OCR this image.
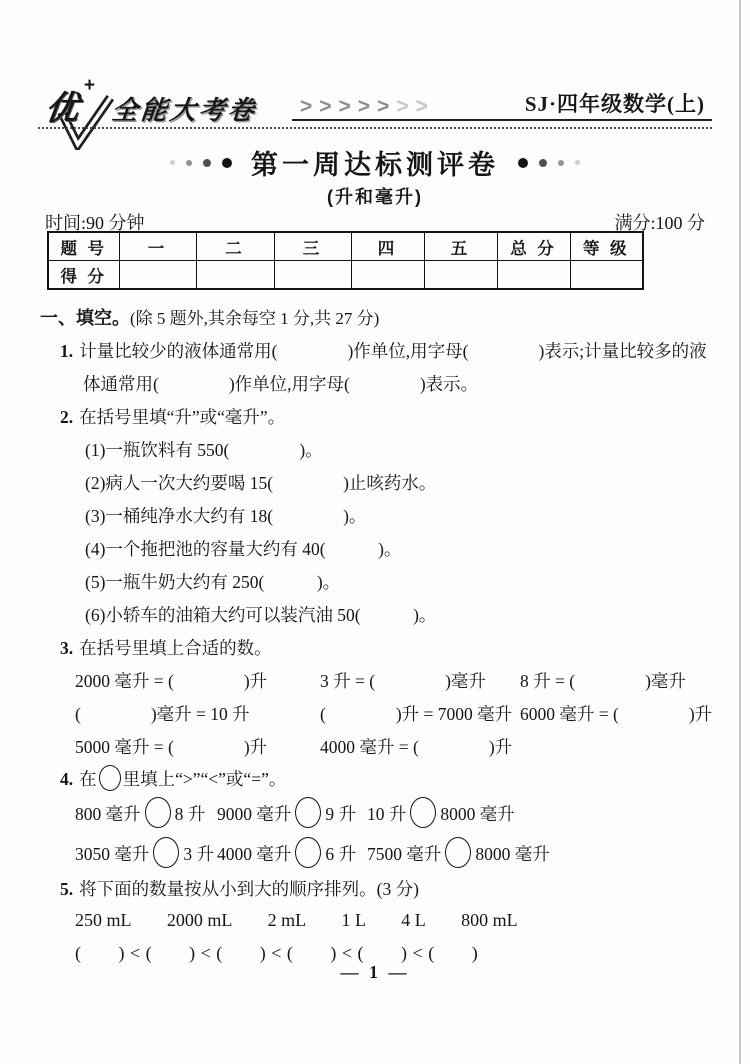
优
+
全能大考卷 >>>>>>>	SJ·四年级数学(上)
第一周达标测评卷
(升和毫升)
时间:90 分钟	满分:100 分
题 号	一	二	三	四	五	总 分	等 级
得 分							
一、填空。(除 5 题外,其余每空 1 分,共 27 分)
1. 计量比较少的液体通常用(　　　　)作单位,用字母(　　　　)表示;计量比较多的液
体通常用(　　　　)作单位,用字母(　　　　)表示。
2. 在括号里填“升”或“毫升”。
(1)一瓶饮料有 550(　　　　)。
(2)病人一次大约要喝 15(　　　　)止咳药水。
(3)一桶纯净水大约有 18(　　　　)。
(4)一个拖把池的容量大约有 40(　　　)。
(5)一瓶牛奶大约有 250(　　　)。
(6)小轿车的油箱大约可以装汽油 50(　　　)。
3. 在括号里填上合适的数。
2000 毫升 = (　　　　)升	3 升 = (　　　　)毫升	8 升 = (　　　　)毫升
(　　　　)毫升 = 10 升	(　　　　)升 = 7000 毫升 6000 毫升 = (　　　　)升
5000 毫升 = (　　　　)升	4000 毫升 = (　　　　)升
4. 在 里填上“>”“<”或“=”。
800 毫升 8 升 9000 毫升 9 升 10 升 8000 毫升
3050 毫升 3 升 4000 毫升 6 升 7500 毫升 8000 毫升
5. 将下面的数量按从小到大的顺序排列。(3 分)
250 mL　　2000 mL　　2 mL　　1 L　　4 L　　800 mL
(　　) < (　　) < (　　) < (　　) < (　　) < (　　)
— 1 —
